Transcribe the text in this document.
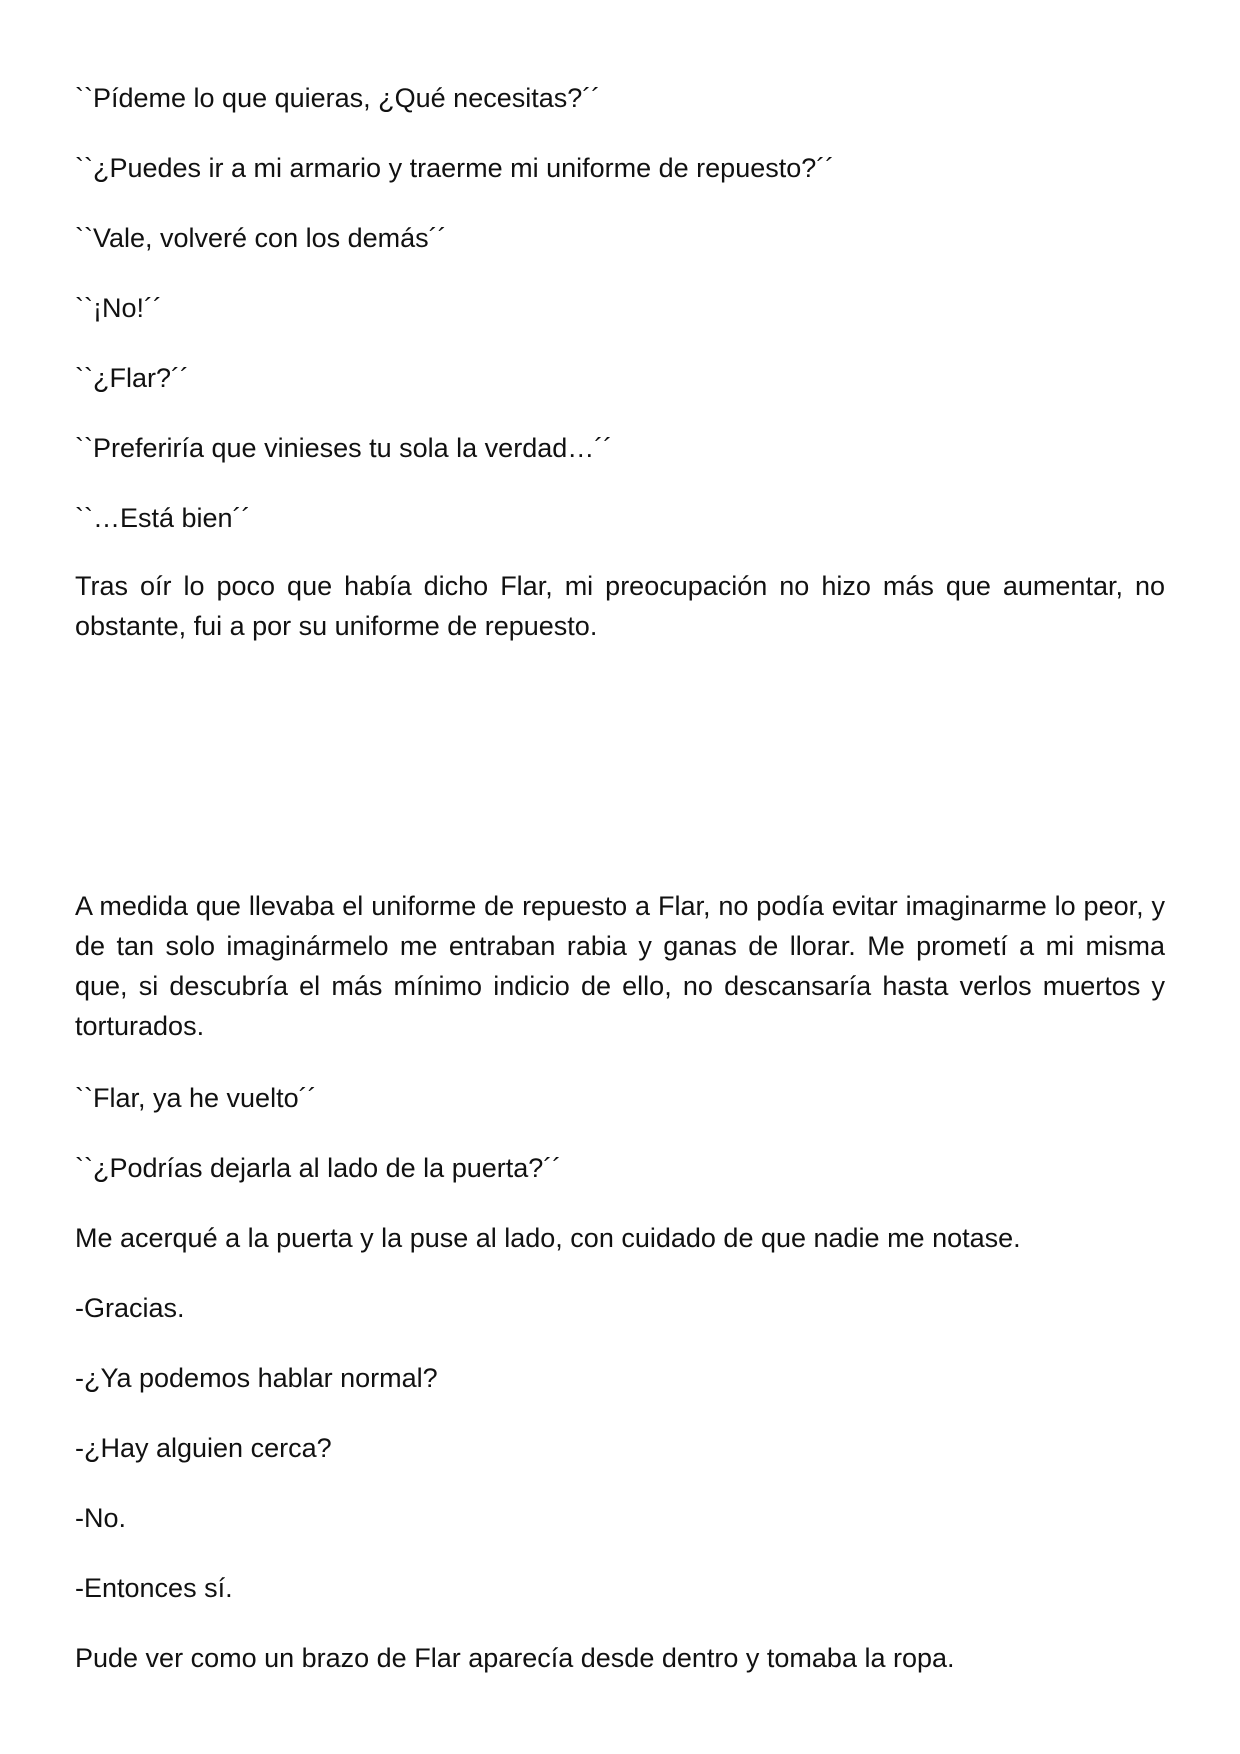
``Pídeme lo que quieras, ¿Qué necesitas?´´

``¿Puedes ir a mi armario y traerme mi uniforme de repuesto?´´

``Vale, volveré con los demás´´

``¡No!´´

``¿Flar?´´

``Preferiría que vinieses tu sola la verdad…´´

``…Está bien´´

Tras oír lo poco que había dicho Flar, mi preocupación no hizo más que aumentar, no obstante, fui a por su uniforme de repuesto.

A medida que llevaba el uniforme de repuesto a Flar, no podía evitar imaginarme lo peor, y de tan solo imaginármelo me entraban rabia y ganas de llorar. Me prometí a mi misma que, si descubría el más mínimo indicio de ello, no descansaría hasta verlos muertos y torturados.

``Flar, ya he vuelto´´

``¿Podrías dejarla al lado de la puerta?´´

Me acerqué a la puerta y la puse al lado, con cuidado de que nadie me notase.

-Gracias.

-¿Ya podemos hablar normal?

-¿Hay alguien cerca?

-No.

-Entonces sí.

Pude ver como un brazo de Flar aparecía desde dentro y tomaba la ropa.
